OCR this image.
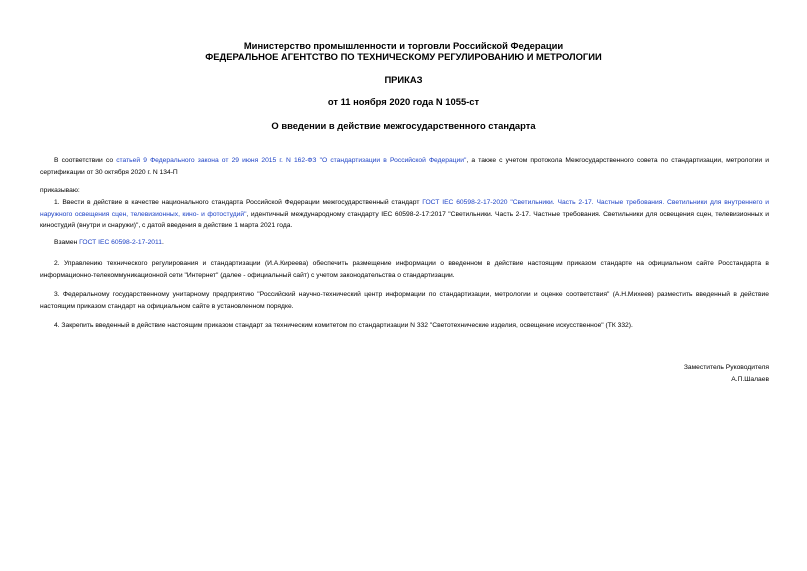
Министерство промышленности и торговли Российской Федерации
ФЕДЕРАЛЬНОЕ АГЕНТСТВО ПО ТЕХНИЧЕСКОМУ РЕГУЛИРОВАНИЮ И МЕТРОЛОГИИ
ПРИКАЗ
от 11 ноября 2020 года N 1055-ст
О введении в действие межгосударственного стандарта
В соответствии со статьей 9 Федерального закона от 29 июня 2015 г. N 162-ФЗ "О стандартизации в Российской Федерации", а также с учетом протокола Межгосударственного совета по стандартизации, метрологии и сертификации от 30 октября 2020 г. N 134-П
приказываю:
1. Ввести в действие в качестве национального стандарта Российской Федерации межгосударственный стандарт ГОСТ IEC 60598-2-17-2020 "Светильники. Часть 2-17. Частные требования. Светильники для внутреннего и наружного освещения сцен, телевизионных, кино- и фотостудий", идентичный международному стандарту IEC 60598-2-17:2017 "Светильники. Часть 2-17. Частные требования. Светильники для освещения сцен, телевизионных и киностудий (внутри и снаружи)", с датой введения в действие 1 марта 2021 года.
Взамен ГОСТ IEC 60598-2-17-2011.
2. Управлению технического регулирования и стандартизации (И.А.Киреева) обеспечить размещение информации о введенном в действие настоящим приказом стандарте на официальном сайте Росстандарта в информационно-телекоммуникационной сети "Интернет" (далее - официальный сайт) с учетом законодательства о стандартизации.
3. Федеральному государственному унитарному предприятию "Российский научно-технический центр информации по стандартизации, метрологии и оценке соответствия" (А.Н.Михеев) разместить введенный в действие настоящим приказом стандарт на официальном сайте в установленном порядке.
4. Закрепить введенный в действие настоящим приказом стандарт за техническим комитетом по стандартизации N 332 "Светотехнические изделия, освещение искусственное" (ТК 332).
Заместитель Руководителя
А.П.Шалаев
